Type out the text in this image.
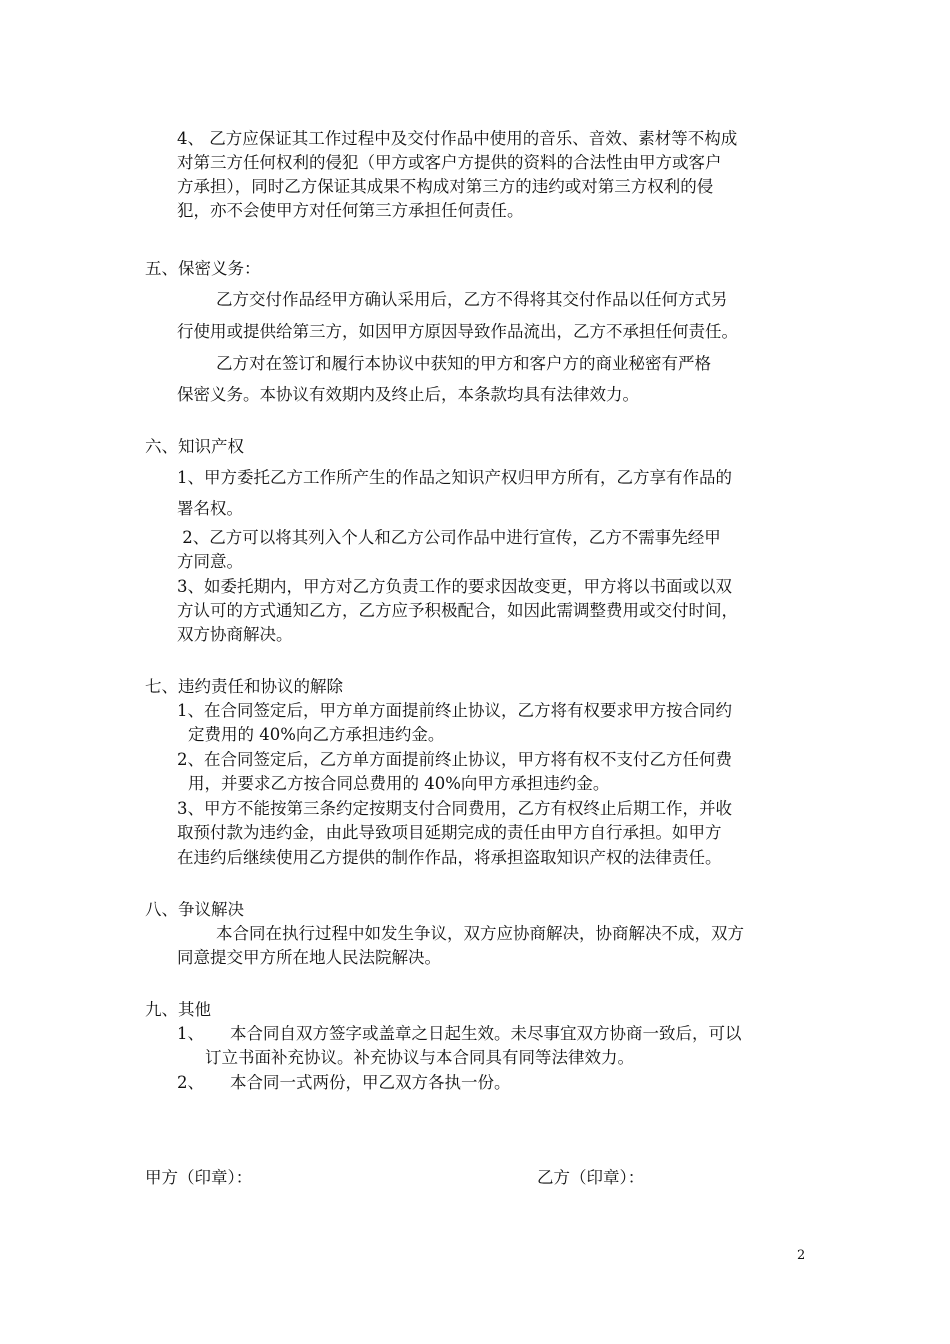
4、 乙方应保证其工作过程中及交付作品中使用的音乐、音效、素材等不构成
对第三方任何权利的侵犯（甲方或客户方提供的资料的合法性由甲方或客户
方承担），同时乙方保证其成果不构成对第三方的违约或对第三方权利的侵
犯，亦不会使甲方对任何第三方承担任何责任。
五、保密义务：
乙方交付作品经甲方确认采用后，乙方不得将其交付作品以任何方式另
行使用或提供给第三方，如因甲方原因导致作品流出，乙方不承担任何责任。
乙方对在签订和履行本协议中获知的甲方和客户方的商业秘密有严格
保密义务。本协议有效期内及终止后，本条款均具有法律效力。
六、知识产权
1、甲方委托乙方工作所产生的作品之知识产权归甲方所有，乙方享有作品的
署名权。
2、乙方可以将其列入个人和乙方公司作品中进行宣传，乙方不需事先经甲
方同意。
3、如委托期内，甲方对乙方负责工作的要求因故变更，甲方将以书面或以双
方认可的方式通知乙方，乙方应予积极配合，如因此需调整费用或交付时间，
双方协商解决。
七、违约责任和协议的解除
1、在合同签定后，甲方单方面提前终止协议，乙方将有权要求甲方按合同约
定费用的 40%向乙方承担违约金。
2、在合同签定后，乙方单方面提前终止协议，甲方将有权不支付乙方任何费
用，并要求乙方按合同总费用的 40%向甲方承担违约金。
3、甲方不能按第三条约定按期支付合同费用，乙方有权终止后期工作，并收
取预付款为违约金，由此导致项目延期完成的责任由甲方自行承担。如甲方
在违约后继续使用乙方提供的制作作品，将承担盗取知识产权的法律责任。
八、争议解决
本合同在执行过程中如发生争议，双方应协商解决，协商解决不成，双方
同意提交甲方所在地人民法院解决。
九、其他
1、 本合同自双方签字或盖章之日起生效。未尽事宜双方协商一致后，可以
订立书面补充协议。补充协议与本合同具有同等法律效力。
2、 本合同一式两份，甲乙双方各执一份。
甲方（印章）：	乙方（印章）：
2
